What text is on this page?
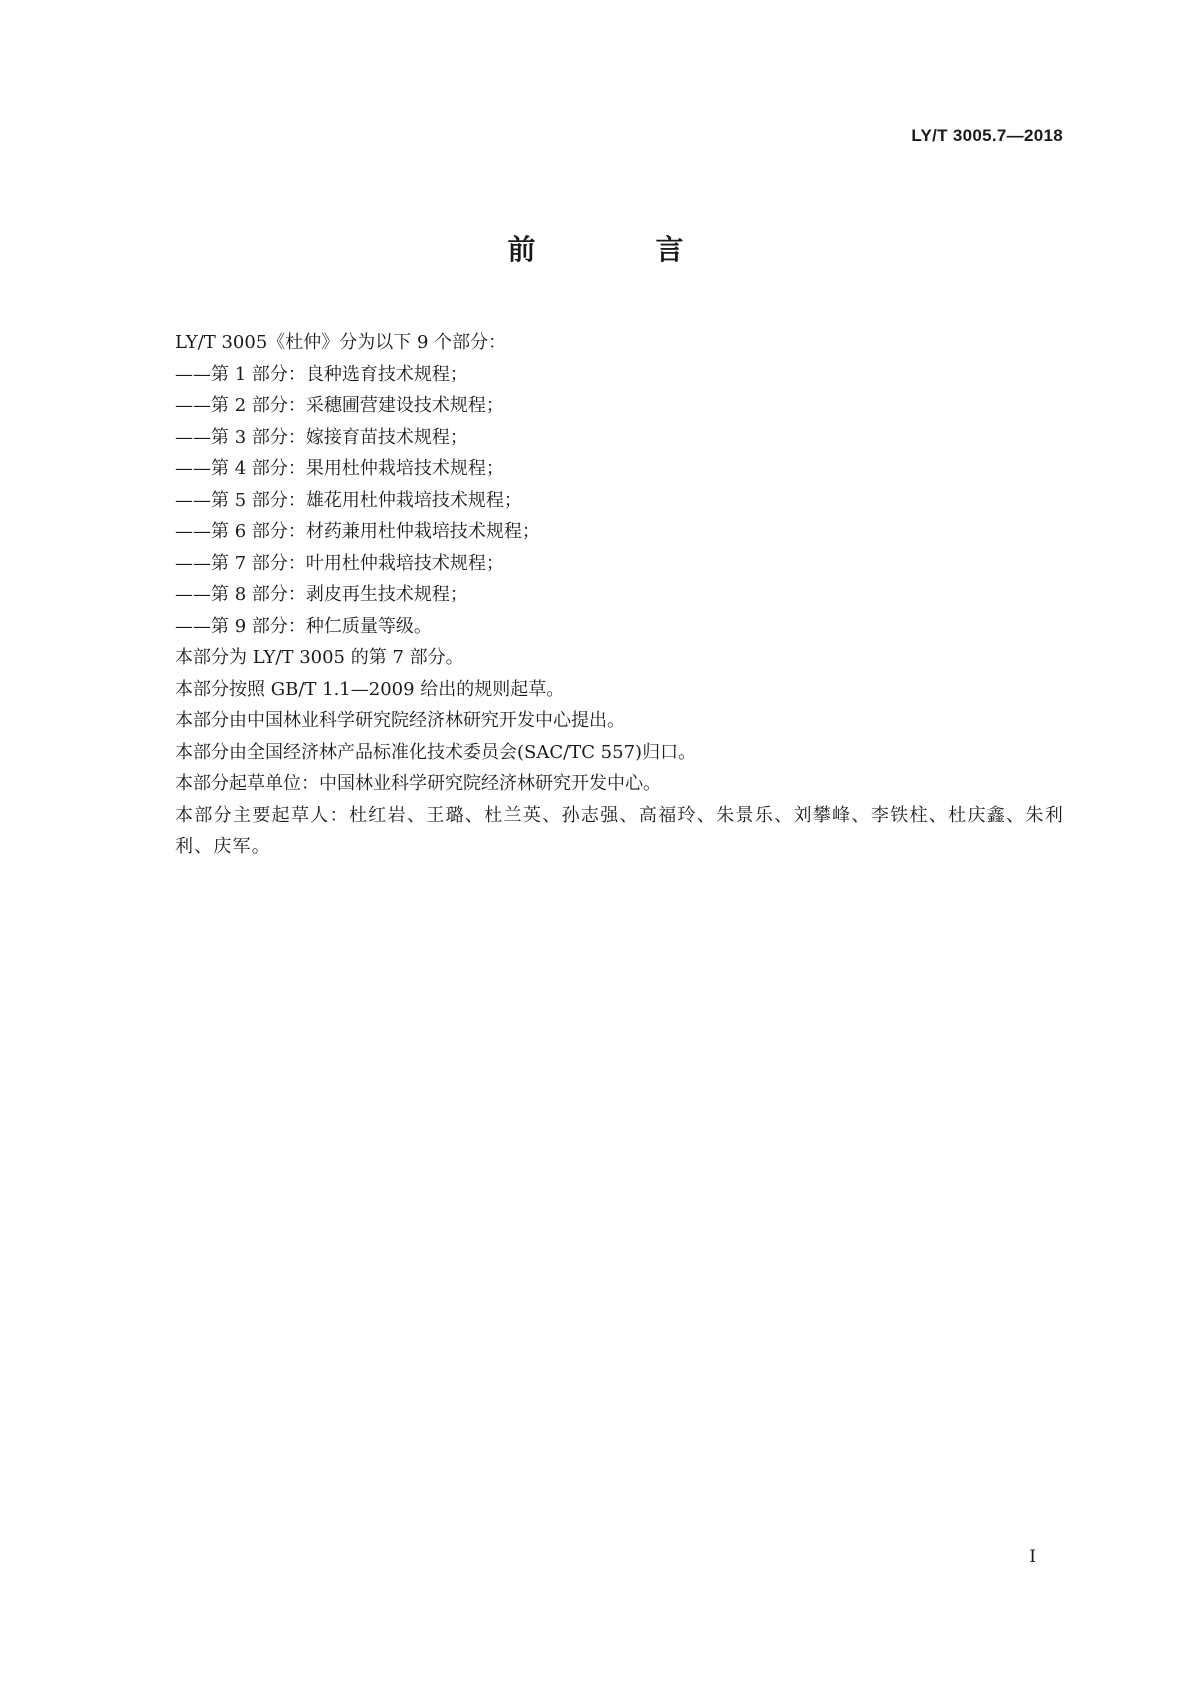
LY/T 3005.7—2018
前　言

LY/T 3005《杜仲》分为以下 9 个部分：

——第 1 部分：良种选育技术规程；

——第 2 部分：采穗圃营建设技术规程；

——第 3 部分：嫁接育苗技术规程；

——第 4 部分：果用杜仲栽培技术规程；

——第 5 部分：雄花用杜仲栽培技术规程；

——第 6 部分：材药兼用杜仲栽培技术规程；

——第 7 部分：叶用杜仲栽培技术规程；

——第 8 部分：剥皮再生技术规程；

——第 9 部分：种仁质量等级。

本部分为 LY/T 3005 的第 7 部分。

本部分按照 GB/T 1.1—2009 给出的规则起草。

本部分由中国林业科学研究院经济林研究开发中心提出。

本部分由全国经济林产品标准化技术委员会(SAC/TC 557)归口。

本部分起草单位：中国林业科学研究院经济林研究开发中心。

本部分主要起草人：杜红岩、王璐、杜兰英、孙志强、高福玲、朱景乐、刘攀峰、李铁柱、杜庆鑫、朱利利、庆军。

I
